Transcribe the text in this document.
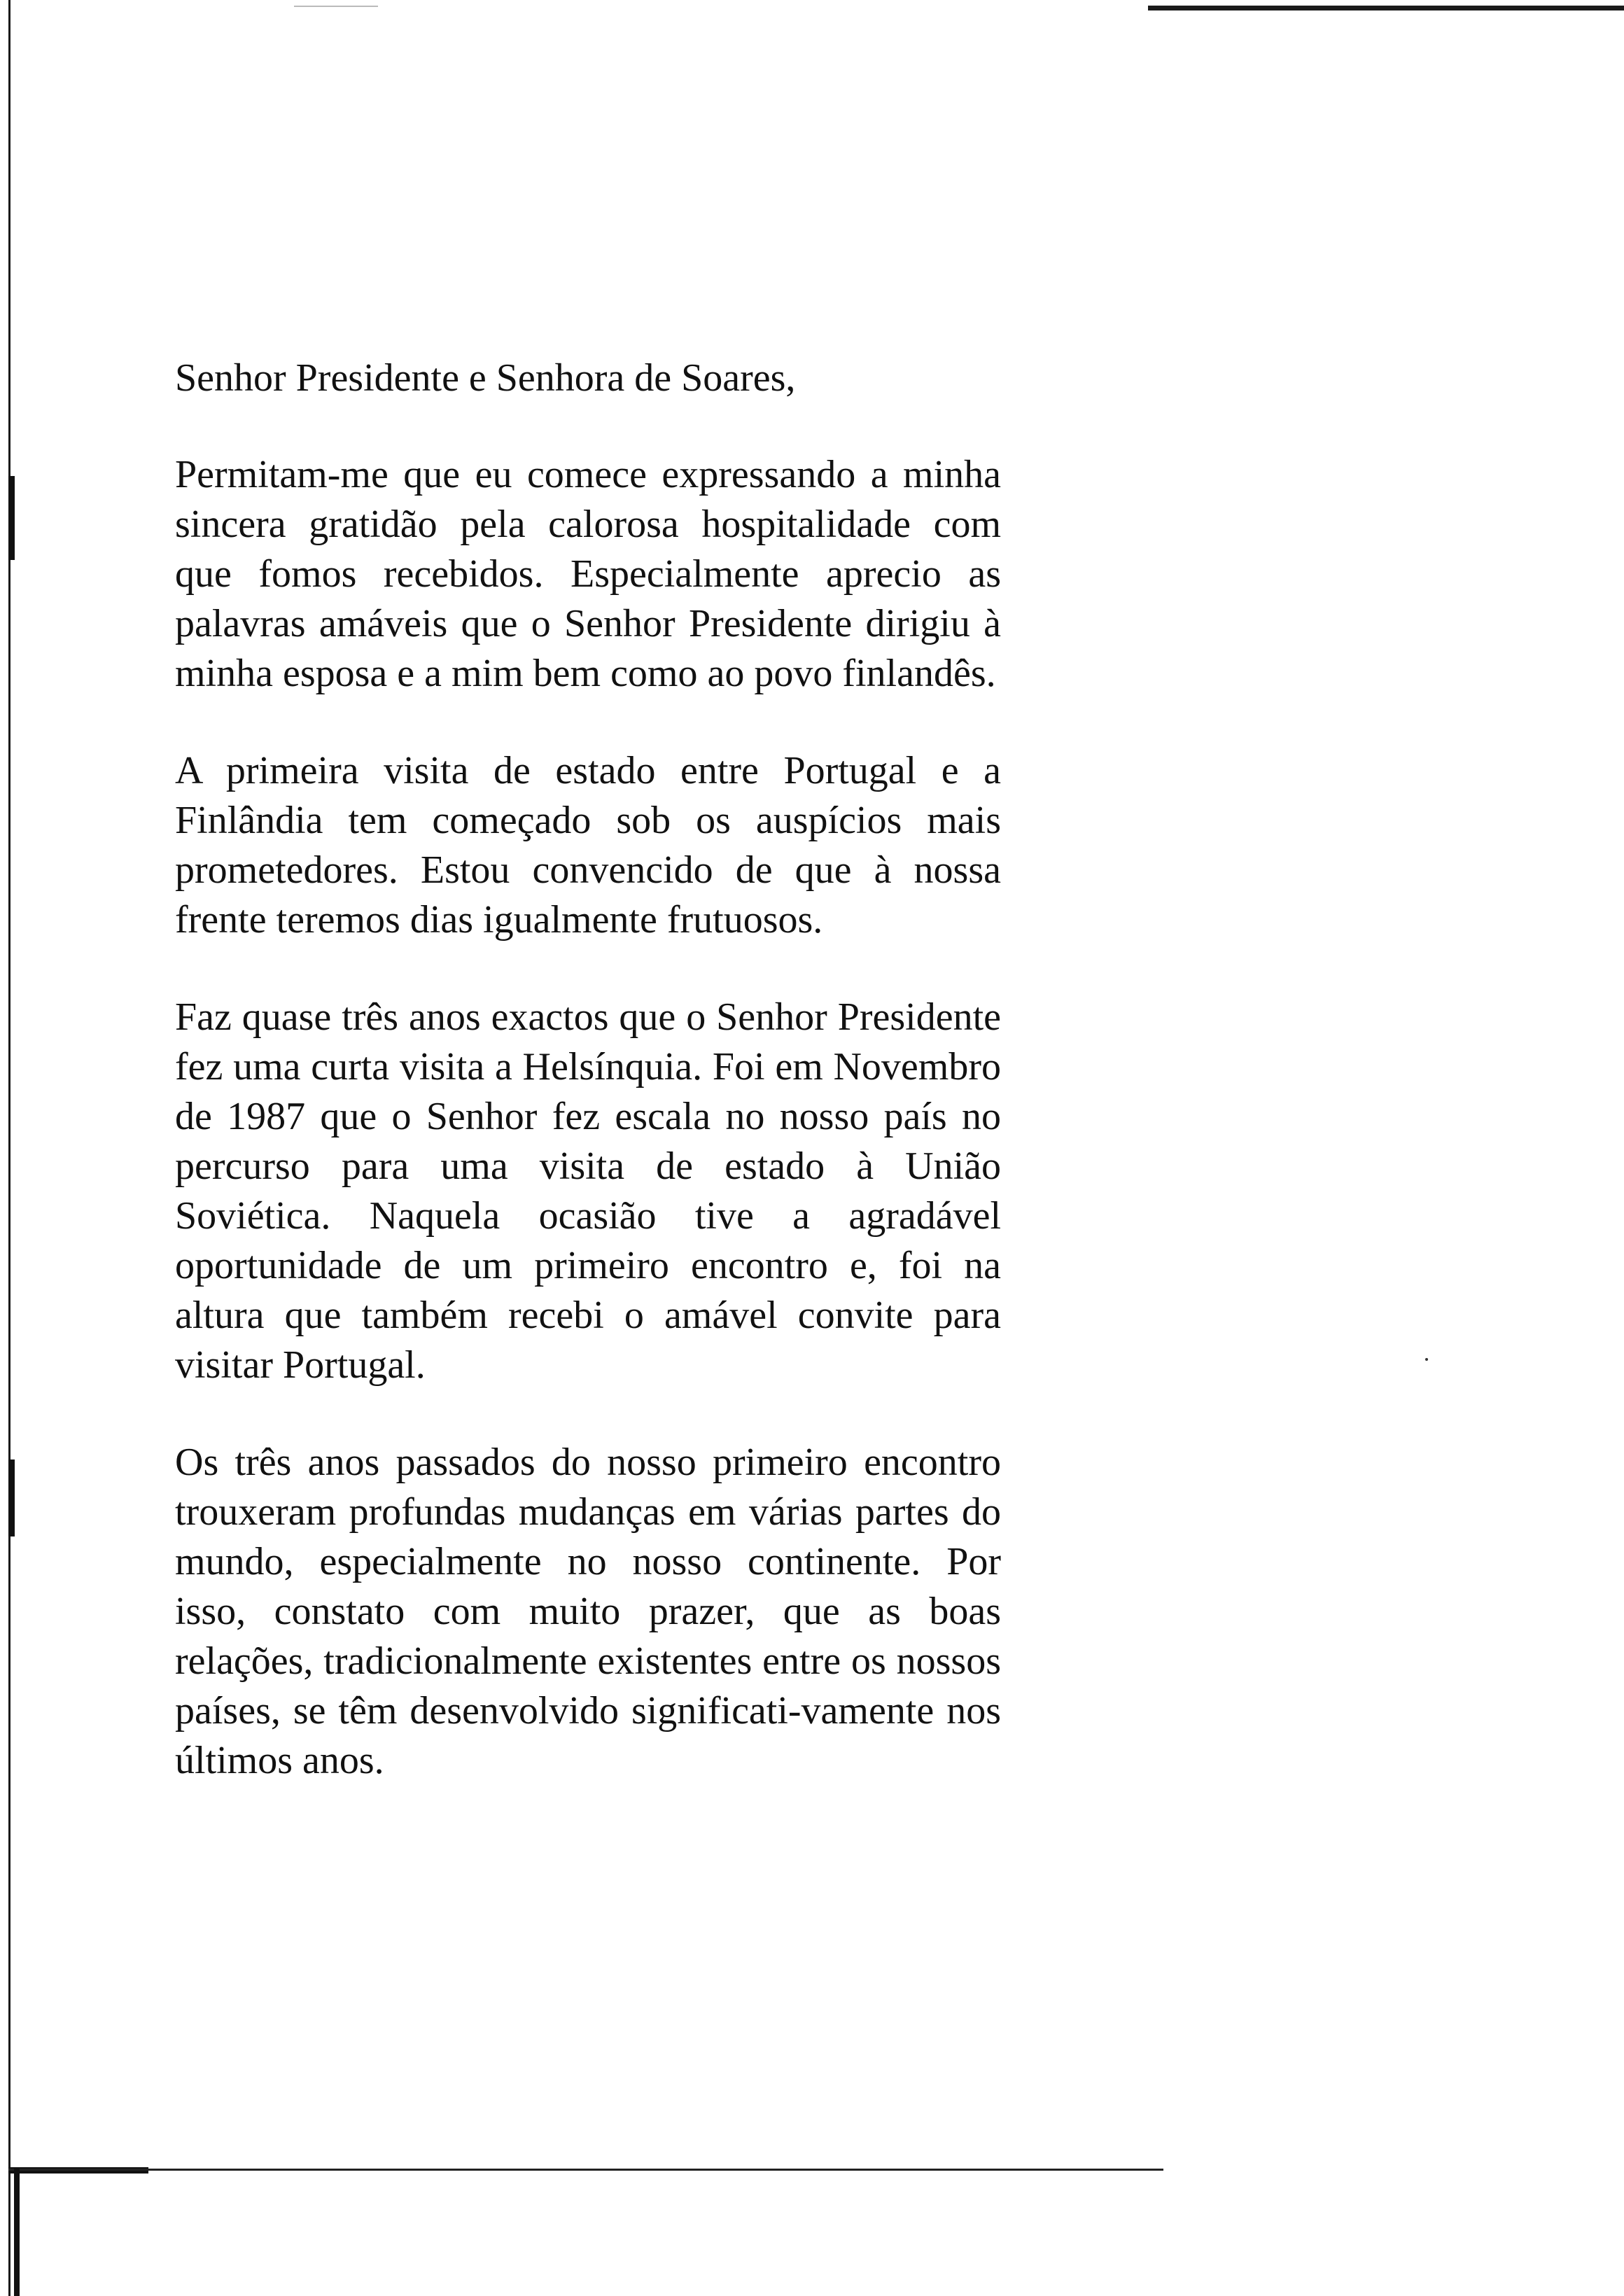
Senhor Presidente e Senhora de Soares,

Permitam-me que eu comece expressando a minha sincera gratidão pela calorosa hospitalidade com que fomos recebidos. Especialmente aprecio as palavras amáveis que o Senhor Presidente dirigiu à minha esposa e a mim bem como ao povo finlandês.

A primeira visita de estado entre Portugal e a Finlândia tem começado sob os auspícios mais prometedores. Estou convencido de que à nossa frente teremos dias igualmente frutuosos.

Faz quase três anos exactos que o Senhor Presidente fez uma curta visita a Helsínquia. Foi em Novembro de 1987 que o Senhor fez escala no nosso país no percurso para uma visita de estado à União Soviética. Naquela ocasião tive a agradável oportunidade de um primeiro encontro e, foi na altura que também recebi o amável convite para visitar Portugal.

Os três anos passados do nosso primeiro encontro trouxeram profundas mudanças em várias partes do mundo, especialmente no nosso continente. Por isso, constato com muito prazer, que as boas relações, tradicionalmente existentes entre os nossos países, se têm desenvolvido significati-vamente nos últimos anos.
